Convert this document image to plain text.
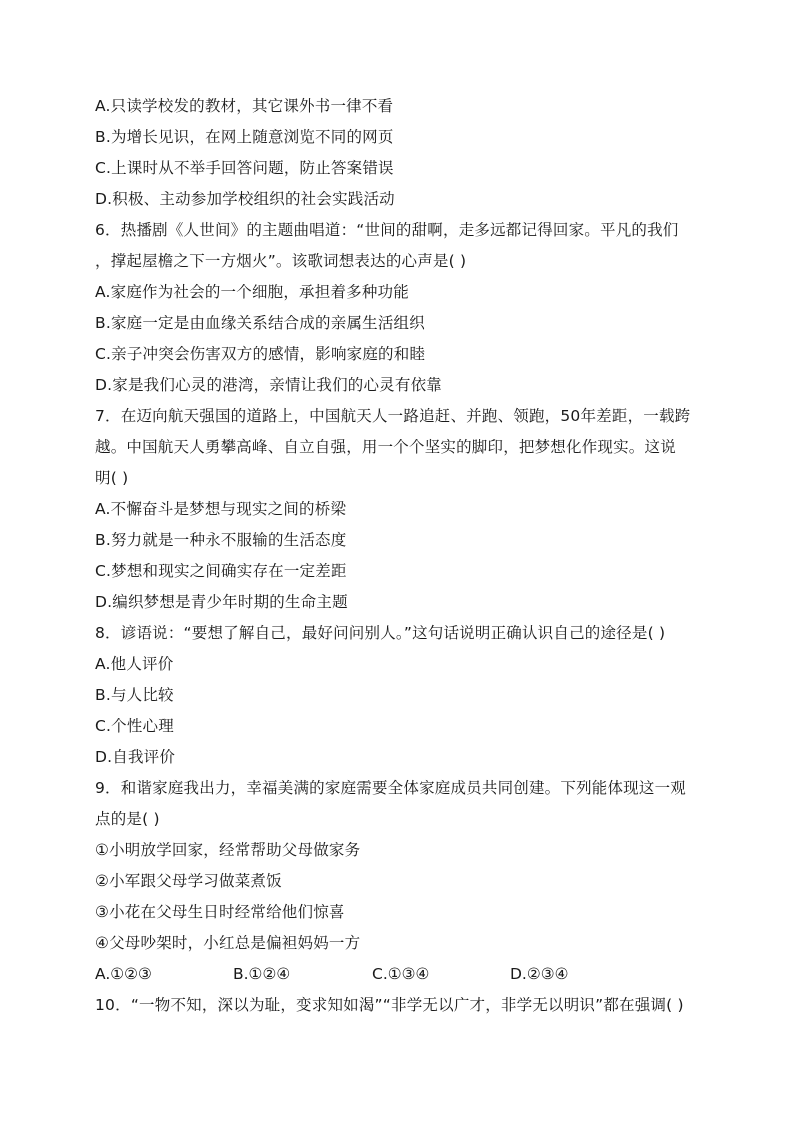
A.只读学校发的教材，其它课外书一律不看
B.为增长见识，在网上随意浏览不同的网页
C.上课时从不举手回答问题，防止答案错误
D.积极、主动参加学校组织的社会实践活动
6．热播剧《人世间》的主题曲唱道：“世间的甜啊，走多远都记得回家。平凡的我们
，撑起屋檐之下一方烟火”。该歌词想表达的心声是( )
A.家庭作为社会的一个细胞，承担着多种功能
B.家庭一定是由血缘关系结合成的亲属生活组织
C.亲子冲突会伤害双方的感情，影响家庭的和睦
D.家是我们心灵的港湾，亲情让我们的心灵有依靠
7．在迈向航天强国的道路上，中国航天人一路追赶、并跑、领跑，50年差距，一载跨
越。中国航天人勇攀高峰、自立自强，用一个个坚实的脚印，把梦想化作现实。这说
明( )
A.不懈奋斗是梦想与现实之间的桥梁
B.努力就是一种永不服输的生活态度
C.梦想和现实之间确实存在一定差距
D.编织梦想是青少年时期的生命主题
8．谚语说：“要想了解自己，最好问问别人。”这句话说明正确认识自己的途径是( )
A.他人评价
B.与人比较
C.个性心理
D.自我评价
9．和谐家庭我出力，幸福美满的家庭需要全体家庭成员共同创建。下列能体现这一观
点的是( )
①小明放学回家，经常帮助父母做家务
②小军跟父母学习做菜煮饭
③小花在父母生日时经常给他们惊喜
④父母吵架时，小红总是偏袒妈妈一方
A.①②③	B.①②④	C.①③④	D.②③④
10．“一物不知，深以为耻，变求知如渴”“非学无以广才，非学无以明识”都在强调( )
